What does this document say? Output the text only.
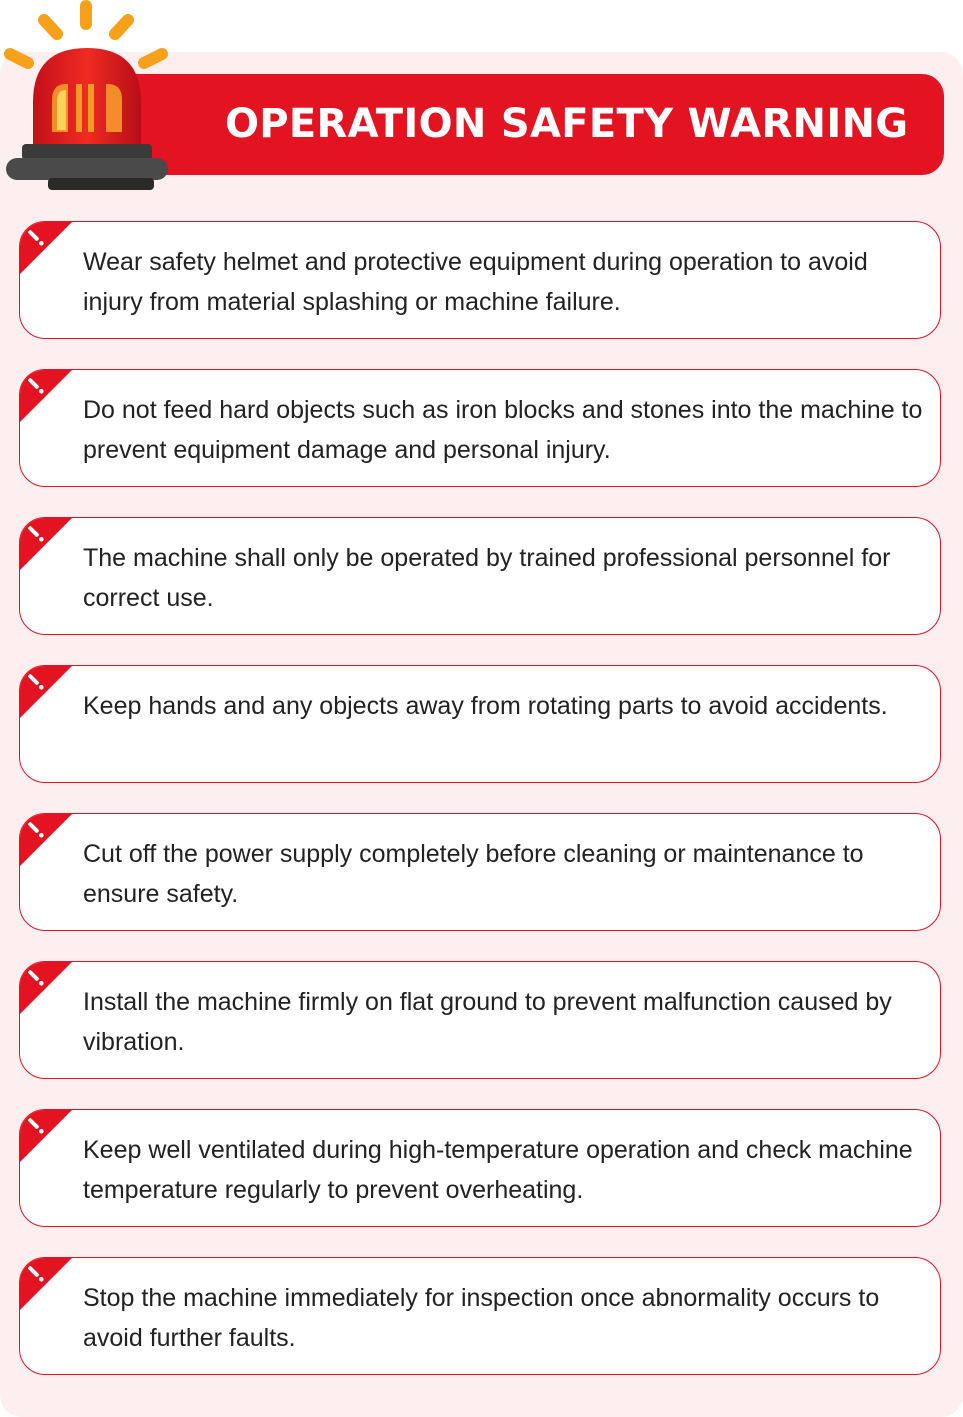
OPERATION SAFETY WARNING
Wear safety helmet and protective equipment during operation to avoid injury from material splashing or machine failure.
Do not feed hard objects such as iron blocks and stones into the machine to prevent equipment damage and personal injury.
The machine shall only be operated by trained professional personnel for correct use.
Keep hands and any objects away from rotating parts to avoid accidents.
Cut off the power supply completely before cleaning or maintenance to ensure safety.
Install the machine firmly on flat ground to prevent malfunction caused by vibration.
Keep well ventilated during high-temperature operation and check machine temperature regularly to prevent overheating.
Stop the machine immediately for inspection once abnormality occurs to avoid further faults.
